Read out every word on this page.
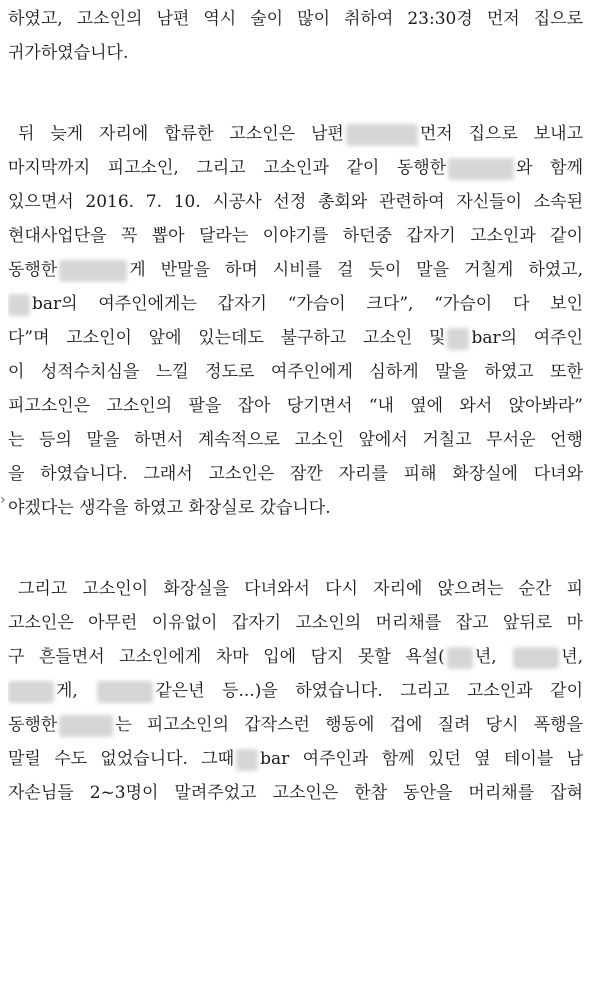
하였고, 고소인의 남편 역시 술이 많이 취하여 23:30경 먼저 집으로
귀가하였습니다.
뒤 늦게 자리에 합류한 고소인은 남편	먼저 집으로 보내고
마지막까지 피고소인, 그리고 고소인과 같이 동행한	와 함께
있으면서 2016. 7. 10. 시공사 선정 총회와 관련하여 자신들이 소속된
현대사업단을 꼭 뽑아 달라는 이야기를 하던중 갑자기 고소인과 같이
동행한	게 반말을 하며 시비를 걸 듯이 말을 거칠게 하였고,
bar의 여주인에게는 갑자기 “가슴이 크다”, “가슴이 다 보인
다”며 고소인이 앞에 있는데도 불구하고 고소인 및 bar의 여주인
이 성적수치심을 느낄 정도로 여주인에게 심하게 말을 하였고 또한
피고소인은 고소인의 팔을 잡아 당기면서 “내 옆에 와서 앉아봐라”
는 등의 말을 하면서 계속적으로 고소인 앞에서 거칠고 무서운 언행
을 하였습니다. 그래서 고소인은 잠깐 자리를 피해 화장실에 다녀와
야겠다는 생각을 하였고 화장실로 갔습니다.
그리고 고소인이 화장실을 다녀와서 다시 자리에 앉으려는 순간 피
고소인은 아무런 이유없이 갑자기 고소인의 머리채를 잡고 앞뒤로 마
구 흔들면서 고소인에게 차마 입에 담지 못할 욕설( 년,	년,
게,	같은년 등...)을 하였습니다. 그리고 고소인과 같이
동행한	는 피고소인의 갑작스런 행동에 겁에 질려 당시 폭행을
말릴 수도 없었습니다. 그때 bar 여주인과 함께 있던 옆 테이블 남
자손님들 2~3명이 말려주었고 고소인은 한참 동안을 머리채를 잡혀
›
